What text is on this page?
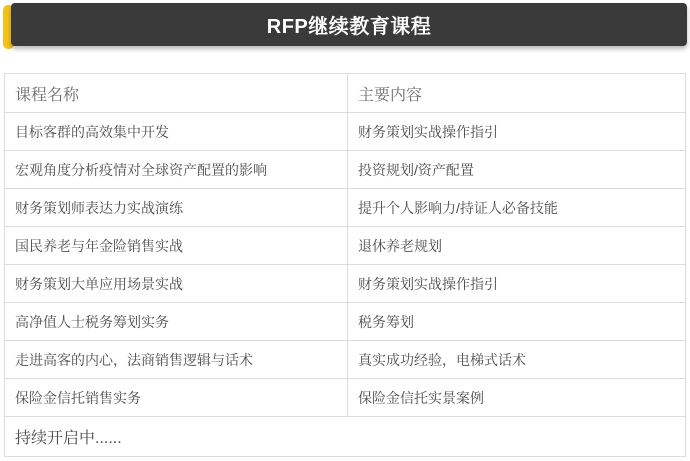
RFP继续教育课程
课程名称	主要内容
目标客群的高效集中开发	财务策划实战操作指引
宏观角度分析疫情对全球资产配置的影响	投资规划/资产配置
财务策划师表达力实战演练	提升个人影响力/持证人必备技能
国民养老与年金险销售实战	退休养老规划
财务策划大单应用场景实战	财务策划实战操作指引
高净值人士税务筹划实务	税务筹划
走进高客的内心，法商销售逻辑与话术	真实成功经验，电梯式话术
保险金信托销售实务	保险金信托实景案例
持续开启中......	
